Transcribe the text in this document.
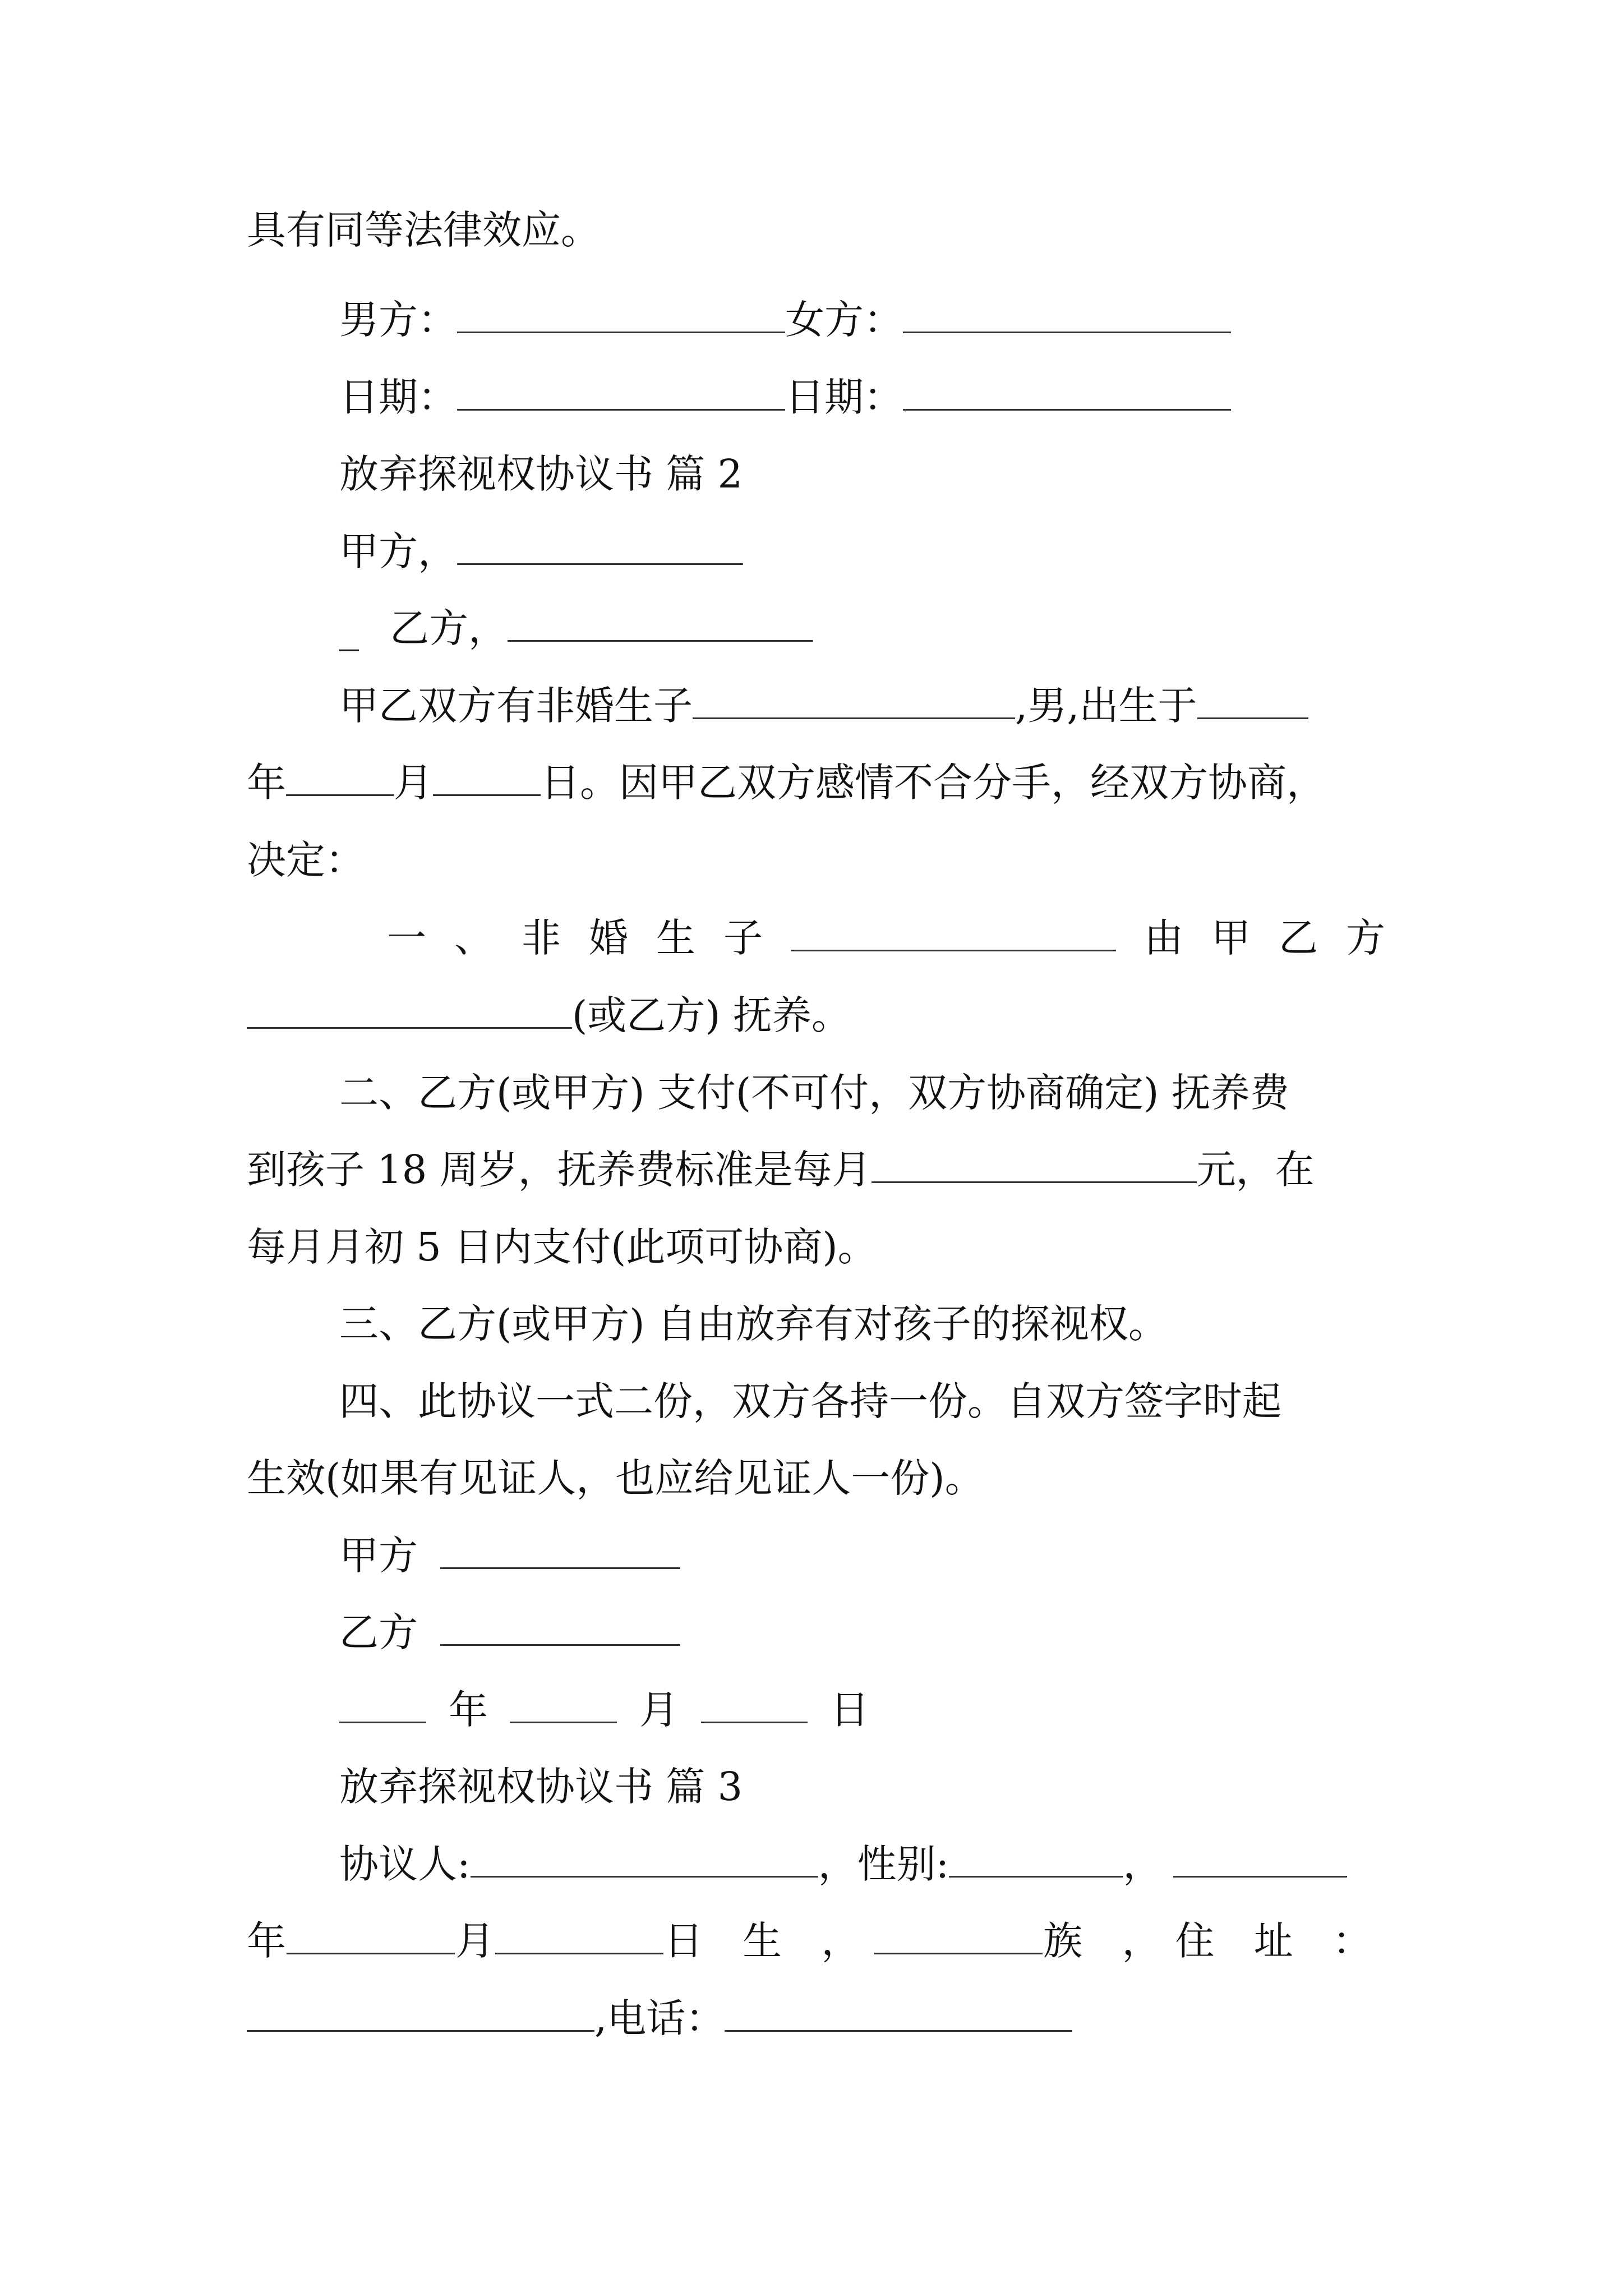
具有同等法律效应。
男方：	女方：
日期：	日期：
放弃探视权协议书 篇 2
甲方，
_ 乙方，
甲乙双方有非婚生子	,男,出生于
年	月	日。因甲乙双方感情不合分手，经双方协商，
决定：
一 、 非 婚 生 子	由 甲 乙 方
(或乙方) 抚养。
二、乙方(或甲方) 支付(不可付，双方协商确定) 抚养费
到孩子 18 周岁，抚养费标准是每月	元，在
每月月初 5 日内支付(此项可协商)。
三、乙方(或甲方) 自由放弃有对孩子的探视权。
四、此协议一式二份，双方各持一份。自双方签字时起
生效(如果有见证人，也应给见证人一份)。
甲方
乙方
年	月	日
放弃探视权协议书 篇 3
协议人:	，性别:	，
年	月	日 生 ，	族 ， 住 址 ：
,电话：
